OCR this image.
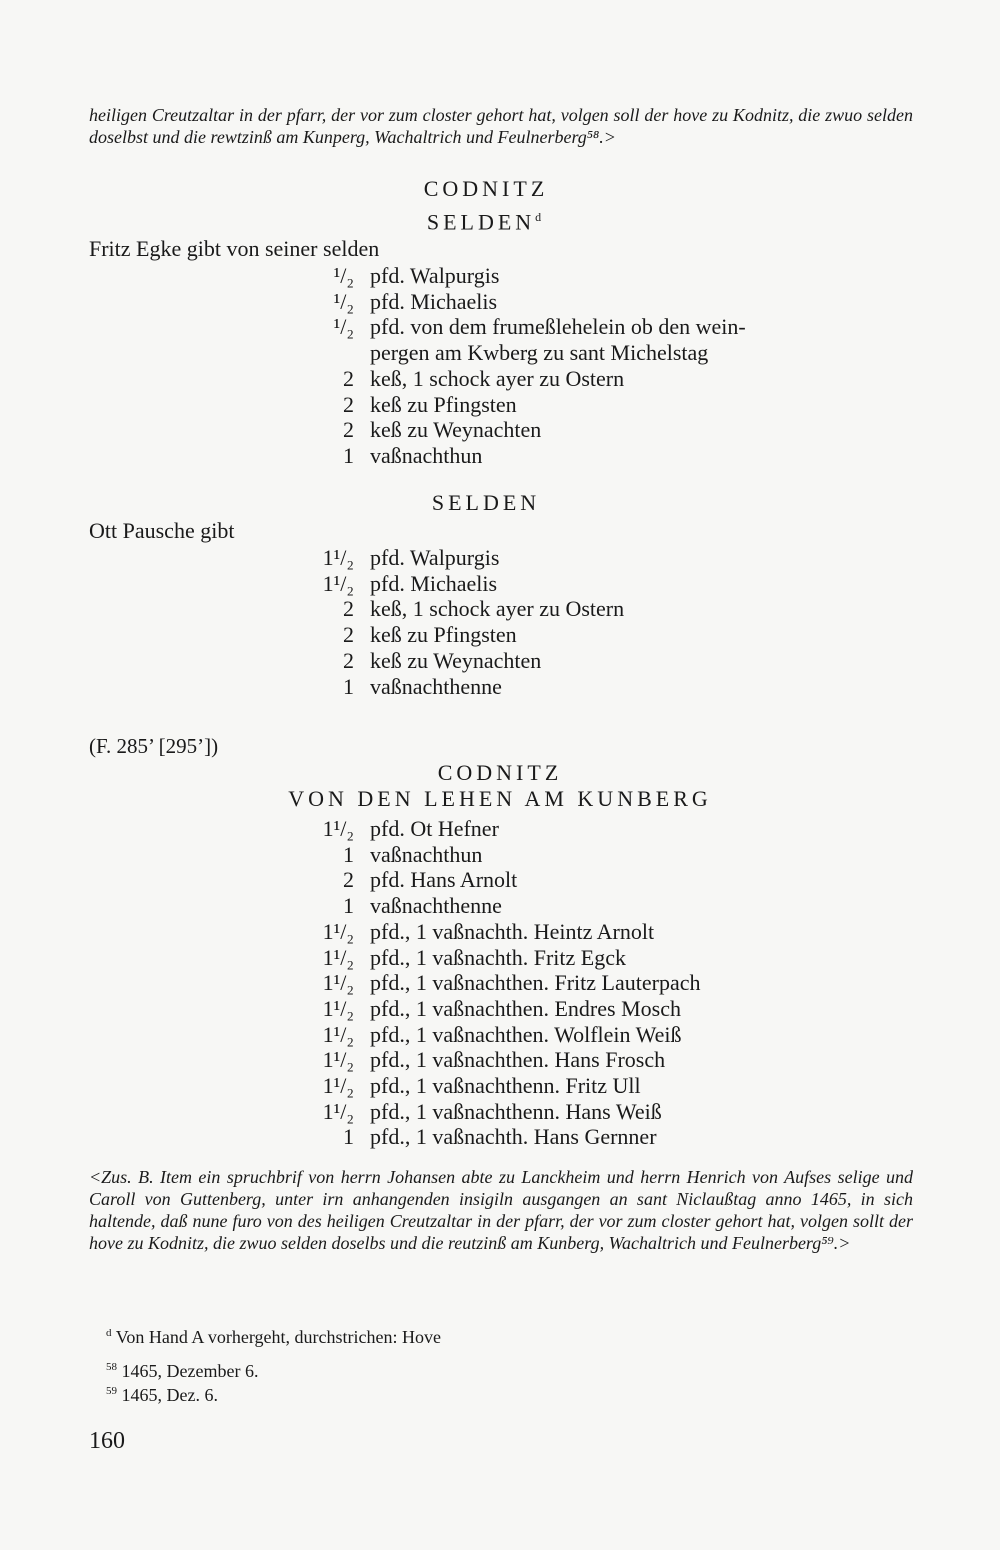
heiligen Creutzaltar in der pfarr, der vor zum closter gehort hat, volgen soll der hove zu Kodnitz, die zwuo selden doselbst und die rewtzinß am Kunperg, Wachaltrich und Feulnerberg⁵⁸.>
CODNITZ
SELDEN$^d$
Fritz Egke gibt von seiner selden
¹/₂ pfd. Walpurgis
¹/₂ pfd. Michaelis
¹/₂ pfd. von dem frumeßlehelein ob den wein-
pergen am Kwberg zu sant Michelstag
2 keß, 1 schock ayer zu Ostern
2 keß zu Pfingsten
2 keß zu Weynachten
1 vaßnachthun
SELDEN
Ott Pausche gibt
1¹/₂ pfd. Walpurgis
1¹/₂ pfd. Michaelis
2 keß, 1 schock ayer zu Ostern
2 keß zu Pfingsten
2 keß zu Weynachten
1 vaßnachthenne
(F. 285’ [295’])
CODNITZ
VON DEN LEHEN AM KUNBERG
1¹/₂ pfd. Ot Hefner
1 vaßnachthun
2 pfd. Hans Arnolt
1 vaßnachthenne
1¹/₂ pfd., 1 vaßnachth. Heintz Arnolt
1¹/₂ pfd., 1 vaßnachth. Fritz Egck
1¹/₂ pfd., 1 vaßnachthen. Fritz Lauterpach
1¹/₂ pfd., 1 vaßnachthen. Endres Mosch
1¹/₂ pfd., 1 vaßnachthen. Wolflein Weiß
1¹/₂ pfd., 1 vaßnachthen. Hans Frosch
1¹/₂ pfd., 1 vaßnachthenn. Fritz Ull
1¹/₂ pfd., 1 vaßnachthenn. Hans Weiß
1 pfd., 1 vaßnachth. Hans Gernner
<Zus. B. Item ein spruchbrif von herrn Johansen abte zu Lanckheim und herrn Henrich von Aufses selige und Caroll von Guttenberg, unter irn anhangenden insigiln ausgangen an sant Niclaußtag anno 1465, in sich haltende, daß nune furo von des heiligen Creutzaltar in der pfarr, der vor zum closter gehort hat, volgen sollt der hove zu Kodnitz, die zwuo selden doselbs und die reutzinß am Kunberg, Wachaltrich und Feulnerberg⁵⁹.>
$^d$ Von Hand A vorhergeht, durchstrichen: Hove
$^{58}$ 1465, Dezember 6.
$^{59}$ 1465, Dez. 6.
160
